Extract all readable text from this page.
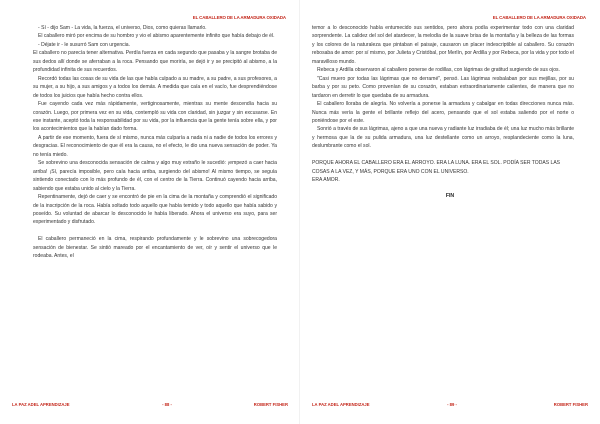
EL CABALLERO DE LA ARMADURA OXIDADA

- Sí - dijo Sam - La vida, la fuerza, el universo, Dios, como quieras llamarlo.

El caballero miró por encima de su hombro y vio el abismo aparentemente infinito que había debajo de él.

- Déjate ir - le susurró Sam con urgencia.

El caballero no parecía tener alternativa. Perdía fuerza en cada segundo que pasaba y la sangre brotaba de sus dedos allí donde se aferraban a la roca. Pensando que moriría, se dejó ir y se precipitó al abismo, a la profundidad infinita de sus recuerdos.

Recordó todas las cosas de su vida de las que había culpado a su madre, a su padre, a sus profesores, a su mujer, a su hijo, a sus amigos y a todos los demás. A medida que caía en el vacío, fue desprendiéndose de todos los juicios que había hecho contra ellos.

Fue cayendo cada vez más rápidamente, vertiginosamente, mientras su mente descendía hacia su corazón. Luego, por primera vez en su vida, contempló su vida con claridad, sin juzgar y sin excusarse. En ese instante, aceptó toda la responsabilidad por su vida, por la influencia que la gente tenía sobre ella, y por los acontecimientos que la habían dado forma.

A partir de ese momento, fuera de sí mismo, nunca más culparía a nada ni a nadie de todos los errores y desgracias. El reconocimiento de que él era la causa, no el efecto, le dio una nueva sensación de poder. Ya no tenía miedo.

Se sobrevino una desconocida sensación de calma y algo muy extraño le sucedió: ¡empezó a caer hacia arriba! ¡Sí, parecía imposible, pero caía hacia arriba, surgiendo del abismo! Al mismo tiempo, se seguía sintiendo conectado con lo más profundo de él, con el centro de la Tierra. Continuó cayendo hacia arriba, sabiendo que estaba unido al cielo y la Tierra.

Repentinamente, dejó de caer y se encontró de pie en la cima de la montaña y comprendió el significado de la inscripción de la roca. Había soltado todo aquello que había temido y todo aquello que había sabido y poseído. Su voluntad de abarcar lo desconocido le había liberado. Ahora el universo era suyo, para ser experimentado y disfrutado.

El caballero permaneció en la cima, respirando profundamente y le sobrevino una sobrecogedora sensación de bienestar. Se sintió mareado por el encantamiento de ver, oír y sentir el universo que le rodeaba. Antes, el

LA PAZ ADEL APRENDIZAJE	- 88 -	ROBERT FISHER
EL CABALLERO DE LA ARMADURA OXIDADA

temor a lo desconocido había entumecido sus sentidos, pero ahora podía experimentar todo con una claridad sorprendente. La calidez del sol del atardecer, la melodía de la suave brisa de la montaña y la belleza de las formas y los colores de la naturaleza que pintaban el paisaje, causaron un placer indescriptible al caballero. Su corazón rebosaba de amor: por sí mismo, por Julieta y Cristóbal, por Merlín, por Ardilla y por Rebeca, por la vida y por todo el maravilloso mundo.

Rebeca y Ardilla observaron al caballero ponerse de rodillas, con lágrimas de gratitud surgiendo de sus ojos.

"Casi muero por todas las lágrimas que no derramé", pensó. Las lágrimas resbalaban por sus mejillas, por su barba y por su peto. Como provenían de su corazón, estaban extraordinariamente calientes, de manera que no tardaron en derretir lo que quedaba de su armadura.

El caballero lloraba de alegría. No volvería a ponerse la armadura y cabalgar en todas direcciones nunca más. Nunca más vería la gente el brillante reflejo del acero, pensando que el sol estaba saliendo por el norte o poniéndose por el este.

Sonrió a través de sus lágrimas, ajeno a que una nueva y radiante luz irradiaba de él; una luz mucho más brillante y hermosa que la de su pulida armadura, una luz destellante como un arroyo, resplandeciente como la luna, deslumbrante como el sol.

PORQUE AHORA EL CABALLERO ERA EL ARROYO. ERA LA LUNA. ERA EL SOL. PODÍA SER TODAS LAS COSAS A LA VEZ, Y MÁS, PORQUE ERA UNO CON EL UNIVERSO.

ERA AMOR.

FIN
LA PAZ ADEL APRENDIZAJE	- 89 -	ROBERT FISHER
